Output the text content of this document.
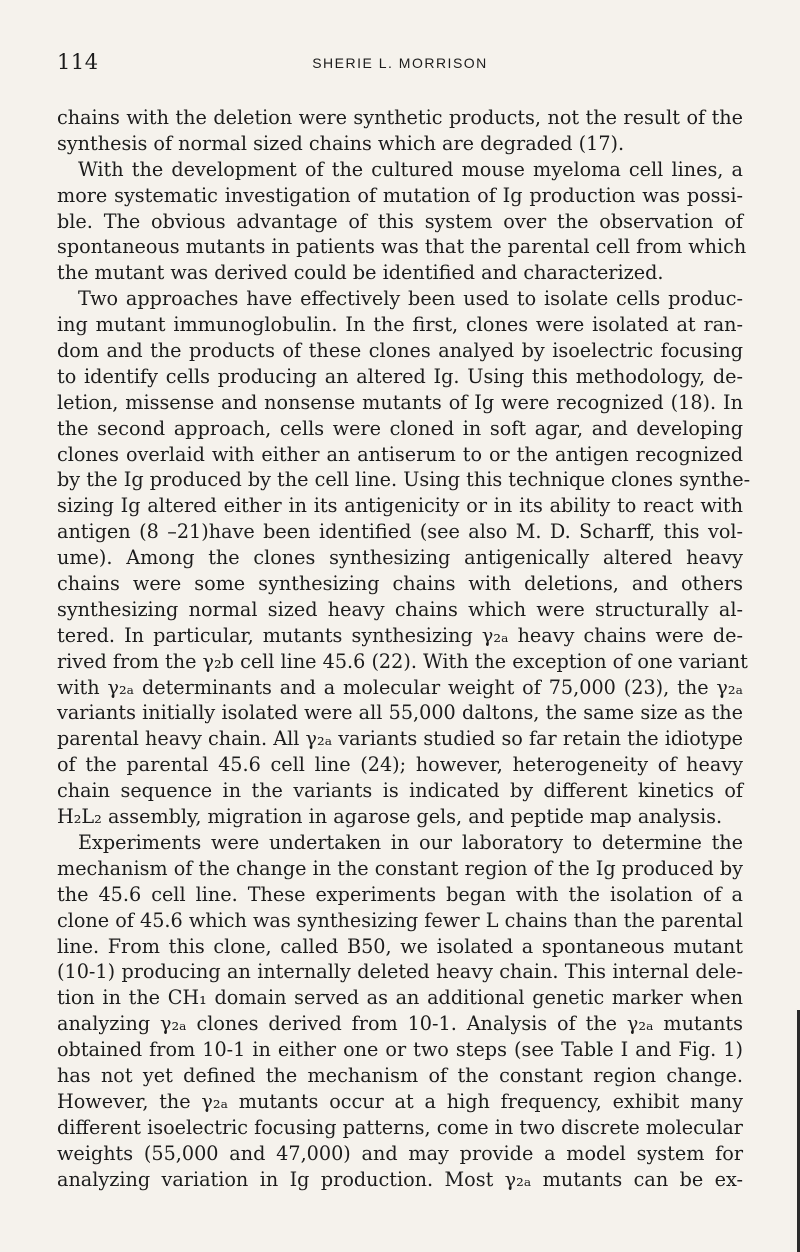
114	SHERIE L. MORRISON
chains with the deletion were synthetic products, not the result of the
synthesis of normal sized chains which are degraded (17).
With the development of the cultured mouse myeloma cell lines, a
more systematic investigation of mutation of Ig production was possi-
ble. The obvious advantage of this system over the observation of
spontaneous mutants in patients was that the parental cell from which
the mutant was derived could be identified and characterized.
Two approaches have effectively been used to isolate cells produc-
ing mutant immunoglobulin. In the first, clones were isolated at ran-
dom and the products of these clones analyed by isoelectric focusing
to identify cells producing an altered Ig. Using this methodology, de-
letion, missense and nonsense mutants of Ig were recognized (18). In
the second approach, cells were cloned in soft agar, and developing
clones overlaid with either an antiserum to or the antigen recognized
by the Ig produced by the cell line. Using this technique clones synthe-
sizing Ig altered either in its antigenicity or in its ability to react with
antigen (8 –21)have been identified (see also M. D. Scharff, this vol-
ume). Among the clones synthesizing antigenically altered heavy
chains were some synthesizing chains with deletions, and others
synthesizing normal sized heavy chains which were structurally al-
tered. In particular, mutants synthesizing γ₂ₐ heavy chains were de-
rived from the γ₂b cell line 45.6 (22). With the exception of one variant
with γ₂ₐ determinants and a molecular weight of 75,000 (23), the γ₂ₐ
variants initially isolated were all 55,000 daltons, the same size as the
parental heavy chain. All γ₂ₐ variants studied so far retain the idiotype
of the parental 45.6 cell line (24); however, heterogeneity of heavy
chain sequence in the variants is indicated by different kinetics of
H₂L₂ assembly, migration in agarose gels, and peptide map analysis.
Experiments were undertaken in our laboratory to determine the
mechanism of the change in the constant region of the Ig produced by
the 45.6 cell line. These experiments began with the isolation of a
clone of 45.6 which was synthesizing fewer L chains than the parental
line. From this clone, called B50, we isolated a spontaneous mutant
(10-1) producing an internally deleted heavy chain. This internal dele-
tion in the CH₁ domain served as an additional genetic marker when
analyzing γ₂ₐ clones derived from 10-1. Analysis of the γ₂ₐ mutants
obtained from 10-1 in either one or two steps (see Table I and Fig. 1)
has not yet defined the mechanism of the constant region change.
However, the γ₂ₐ mutants occur at a high frequency, exhibit many
different isoelectric focusing patterns, come in two discrete molecular
weights (55,000 and 47,000) and may provide a model system for
analyzing variation in Ig production. Most γ₂ₐ mutants can be ex-
